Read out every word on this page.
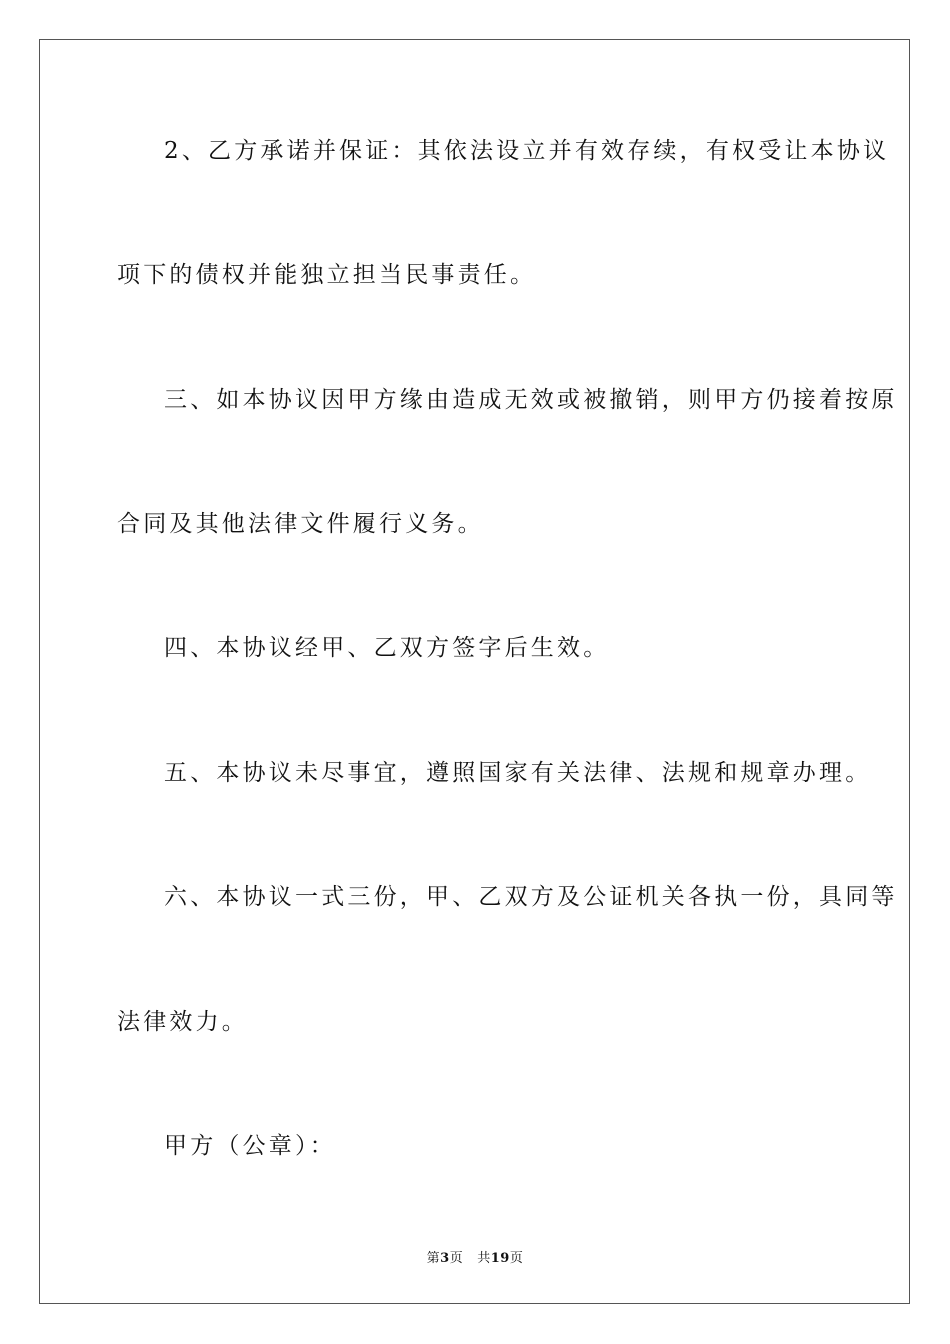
2、乙方承诺并保证：其依法设立并有效存续，有权受让本协议
项下的债权并能独立担当民事责任。
三、如本协议因甲方缘由造成无效或被撤销，则甲方仍接着按原
合同及其他法律文件履行义务。
四、本协议经甲、乙双方签字后生效。
五、本协议未尽事宜，遵照国家有关法律、法规和规章办理。
六、本协议一式三份，甲、乙双方及公证机关各执一份，具同等
法律效力。
甲方（公章）：
第3页 共19页
